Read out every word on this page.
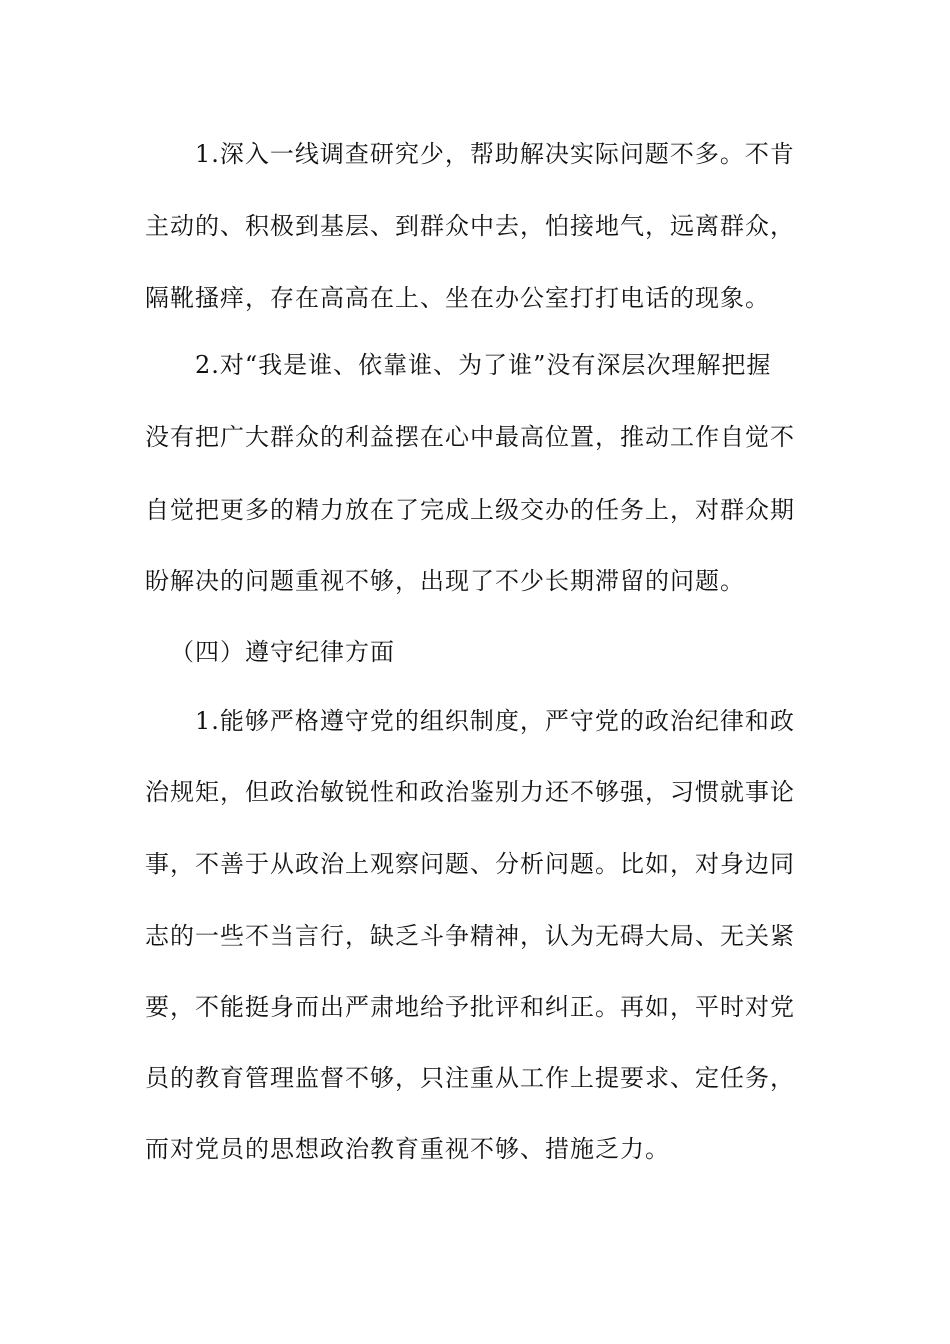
1.深入一线调查研究少，帮助解决实际问题不多。不肯
主动的、积极到基层、到群众中去，怕接地气，远离群众，
隔靴搔痒，存在高高在上、坐在办公室打打电话的现象。
2.对“我是谁、依靠谁、为了谁”没有深层次理解把握
没有把广大群众的利益摆在心中最高位置，推动工作自觉不
自觉把更多的精力放在了完成上级交办的任务上，对群众期
盼解决的问题重视不够，出现了不少长期滞留的问题。
（四）遵守纪律方面
1.能够严格遵守党的组织制度，严守党的政治纪律和政
治规矩，但政治敏锐性和政治鉴别力还不够强，习惯就事论
事，不善于从政治上观察问题、分析问题。比如，对身边同
志的一些不当言行，缺乏斗争精神，认为无碍大局、无关紧
要，不能挺身而出严肃地给予批评和纠正。再如，平时对党
员的教育管理监督不够，只注重从工作上提要求、定任务，
而对党员的思想政治教育重视不够、措施乏力。
